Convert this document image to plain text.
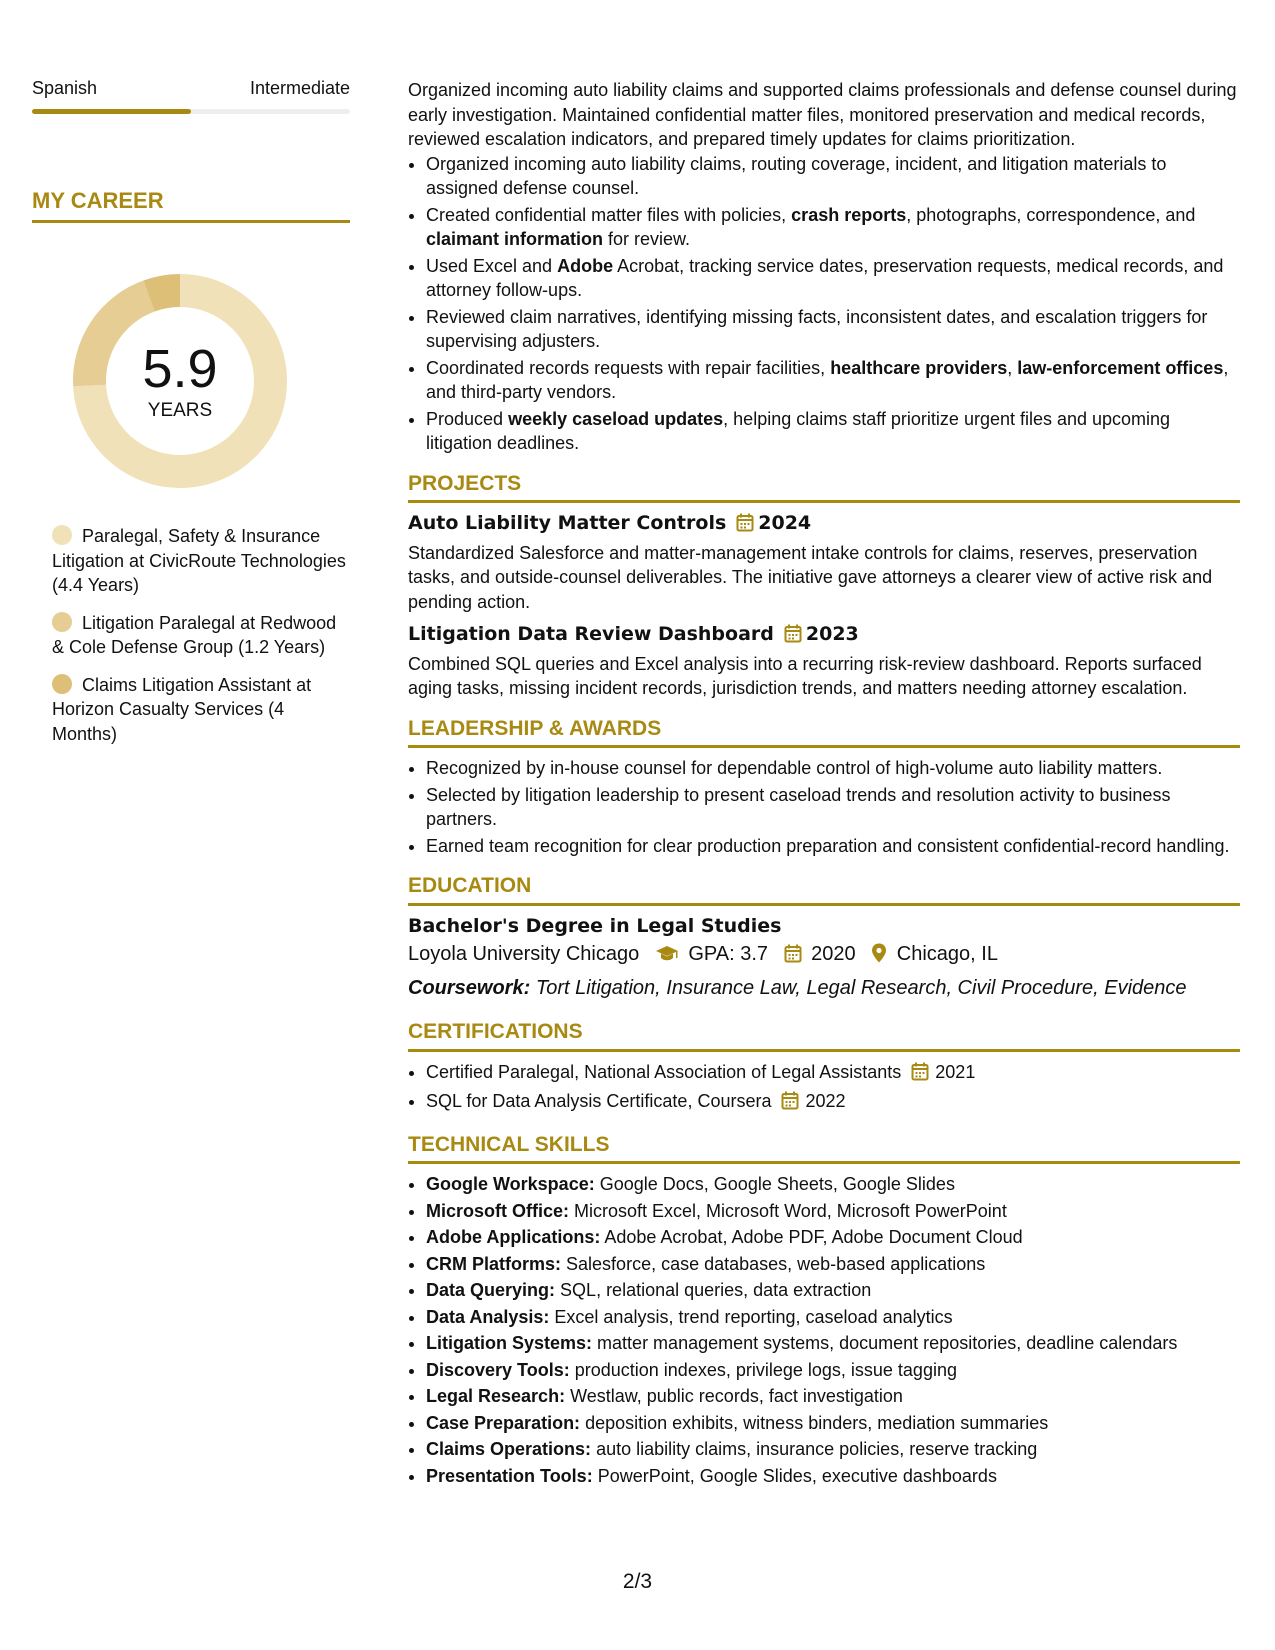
Spanish	Intermediate
MY CAREER
5.9
YEARS
Paralegal, Safety & Insurance Litigation at CivicRoute Technologies (4.4 Years)
Litigation Paralegal at Redwood & Cole Defense Group (1.2 Years)
Claims Litigation Assistant at Horizon Casualty Services (4 Months)
Organized incoming auto liability claims and supported claims professionals and defense counsel during early investigation. Maintained confidential matter files, monitored preservation and medical records, reviewed escalation indicators, and prepared timely updates for claims prioritization.
• Organized incoming auto liability claims, routing coverage, incident, and litigation materials to assigned defense counsel.
• Created confidential matter files with policies, crash reports, photographs, correspondence, and claimant information for review.
• Used Excel and Adobe Acrobat, tracking service dates, preservation requests, medical records, and attorney follow-ups.
• Reviewed claim narratives, identifying missing facts, inconsistent dates, and escalation triggers for supervising adjusters.
• Coordinated records requests with repair facilities, healthcare providers, law-enforcement offices, and third-party vendors.
• Produced weekly caseload updates, helping claims staff prioritize urgent files and upcoming litigation deadlines.
PROJECTS
Auto Liability Matter Controls 2024
Standardized Salesforce and matter-management intake controls for claims, reserves, preservation tasks, and outside-counsel deliverables. The initiative gave attorneys a clearer view of active risk and pending action.
Litigation Data Review Dashboard 2023
Combined SQL queries and Excel analysis into a recurring risk-review dashboard. Reports surfaced aging tasks, missing incident records, jurisdiction trends, and matters needing attorney escalation.
LEADERSHIP & AWARDS
• Recognized by in-house counsel for dependable control of high-volume auto liability matters.
• Selected by litigation leadership to present caseload trends and resolution activity to business partners.
• Earned team recognition for clear production preparation and consistent confidential-record handling.
EDUCATION
Bachelor's Degree in Legal Studies
Loyola University Chicago GPA: 3.7 2020 Chicago, IL
Coursework: Tort Litigation, Insurance Law, Legal Research, Civil Procedure, Evidence
CERTIFICATIONS
• Certified Paralegal, National Association of Legal Assistants 2021
• SQL for Data Analysis Certificate, Coursera 2022
TECHNICAL SKILLS
• Google Workspace: Google Docs, Google Sheets, Google Slides
• Microsoft Office: Microsoft Excel, Microsoft Word, Microsoft PowerPoint
• Adobe Applications: Adobe Acrobat, Adobe PDF, Adobe Document Cloud
• CRM Platforms: Salesforce, case databases, web-based applications
• Data Querying: SQL, relational queries, data extraction
• Data Analysis: Excel analysis, trend reporting, caseload analytics
• Litigation Systems: matter management systems, document repositories, deadline calendars
• Discovery Tools: production indexes, privilege logs, issue tagging
• Legal Research: Westlaw, public records, fact investigation
• Case Preparation: deposition exhibits, witness binders, mediation summaries
• Claims Operations: auto liability claims, insurance policies, reserve tracking
• Presentation Tools: PowerPoint, Google Slides, executive dashboards
2/3
